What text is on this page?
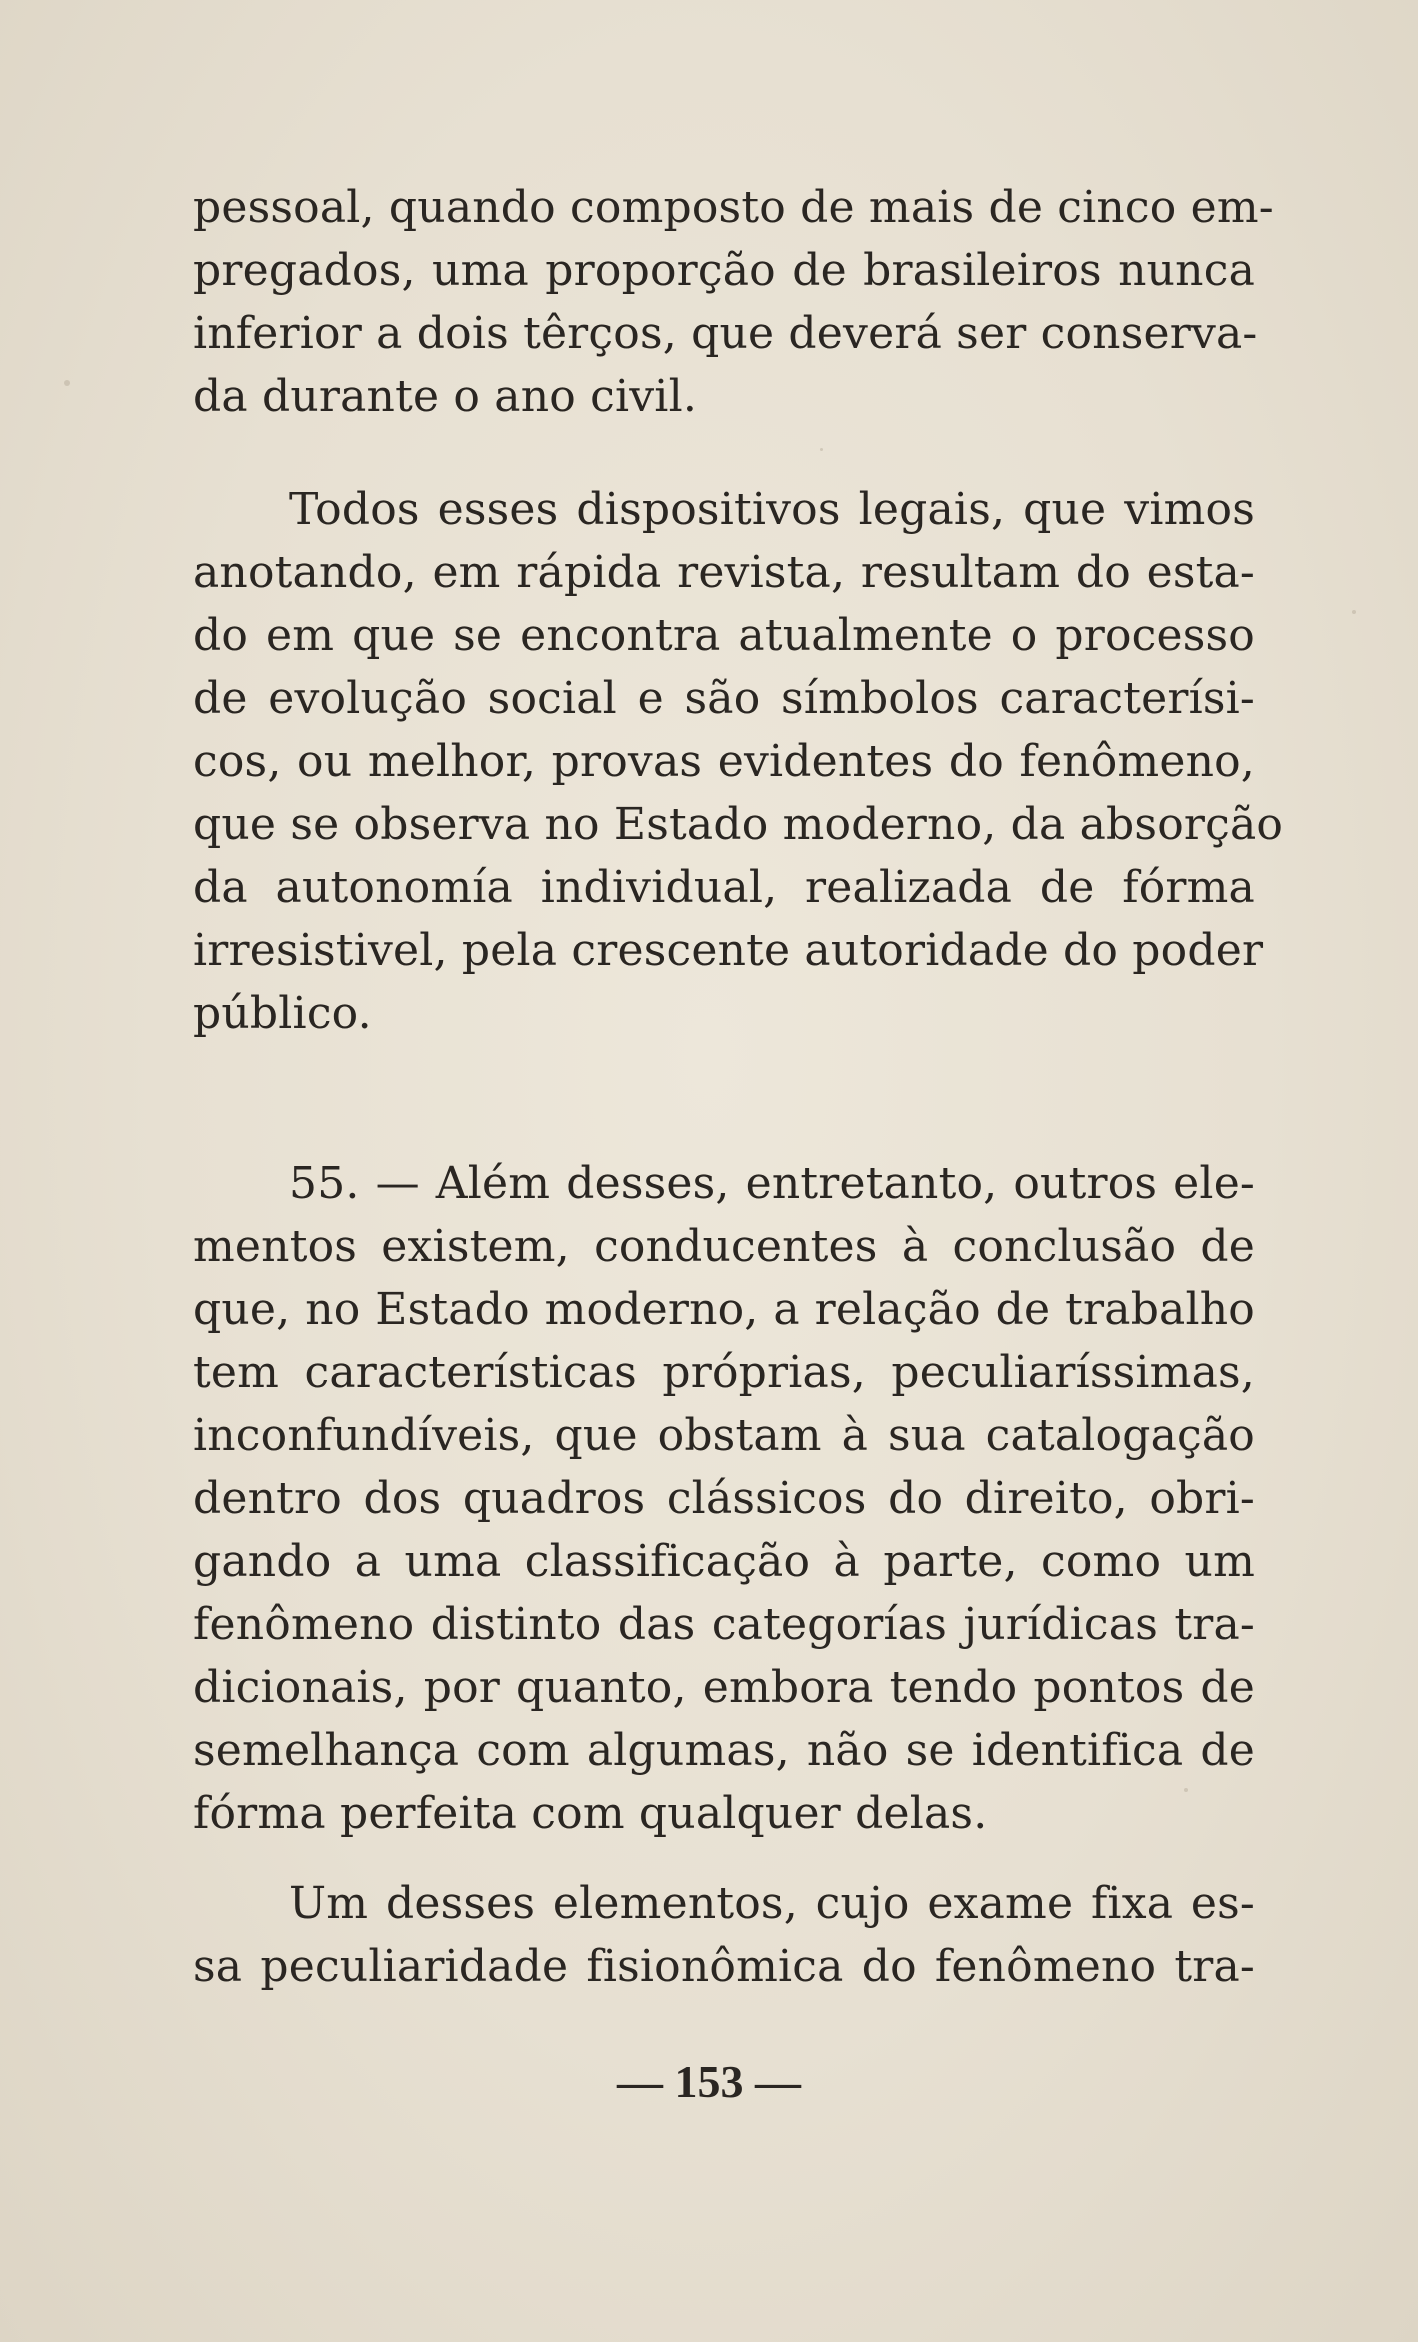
pessoal, quando composto de mais de cinco em-
pregados, uma proporção de brasileiros nunca
inferior a dois têrços, que deverá ser conserva-
da durante o ano civil.

Todos esses dispositivos legais, que vimos
anotando, em rápida revista, resultam do esta-
do em que se encontra atualmente o processo
de evolução social e são símbolos caracterísi-
cos, ou melhor, provas evidentes do fenômeno,
que se observa no Estado moderno, da absorção
da autonomía individual, realizada de fórma
irresistivel, pela crescente autoridade do poder
público.

55. — Além desses, entretanto, outros ele-
mentos existem, conducentes à conclusão de
que, no Estado moderno, a relação de trabalho
tem características próprias, peculiaríssimas,
inconfundíveis, que obstam à sua catalogação
dentro dos quadros clássicos do direito, obri-
gando a uma classificação à parte, como um
fenômeno distinto das categorías jurídicas tra-
dicionais, por quanto, embora tendo pontos de
semelhança com algumas, não se identifica de
fórma perfeita com qualquer delas.

Um desses elementos, cujo exame fixa es-
sa peculiaridade fisionômica do fenômeno tra-

— 153 —
